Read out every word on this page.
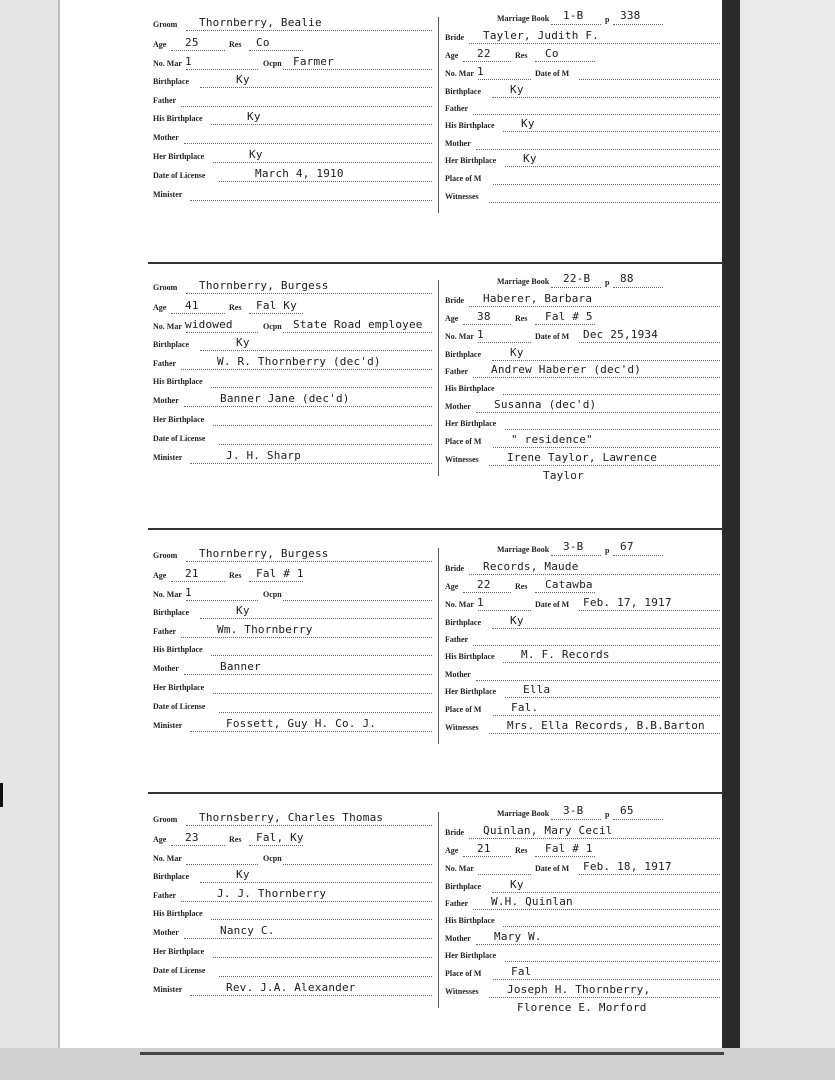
Groom Thornberry, Bealie
Age 25	Res Co
No. Mar 1	Ocpn Farmer
Birthplace	Ky
Father
His Birthplace	Ky
Mother
Her Birthplace	Ky
Date of License	March 4, 1910
Minister
Marriage Book 1-B	p 338
Bride Tayler, Judith F.
Age 22	Res Co
No. Mar 1	Date of M
Birthplace	Ky
Father
His Birthplace Ky
Mother
Her Birthplace Ky
Place of M
Witnesses
Groom Thornberry, Burgess
Age 41	Res Fal Ky
No. Mar widowed	Ocpn State Road employee
Birthplace	Ky
Father	W. R. Thornberry (dec'd)
His Birthplace
Mother	Banner Jane (dec'd)
Her Birthplace
Date of License
Minister	J. H. Sharp
Marriage Book 22-B p 88
Bride Haberer, Barbara
Age 38	Res Fal # 5
No. Mar 1	Date of M Dec 25,1934
Birthplace	Ky
Father Andrew Haberer (dec'd)
His Birthplace
Mother Susanna (dec'd)
Her Birthplace
Place of M	" residence"
Witnesses	Irene Taylor, Lawrence
Taylor
Groom Thornberry, Burgess
Age 21	Res Fal # 1
No. Mar 1	Ocpn
Birthplace	Ky
Father	Wm. Thornberry
His Birthplace
Mother	Banner
Her Birthplace
Date of License
Minister	Fossett, Guy H. Co. J.
Marriage Book 3-B	p 67
Bride Records, Maude
Age 22	Res Catawba
No. Mar 1	Date of M Feb. 17, 1917
Birthplace	Ky
Father
His Birthplace M. F. Records
Mother
Her Birthplace Ella
Place of M	Fal.
Witnesses	Mrs. Ella Records, B.B.Barton
Groom Thornsberry, Charles Thomas
Age 23	Res Fal, Ky
No. Mar	Ocpn
Birthplace	Ky
Father	J. J. Thornberry
His Birthplace
Mother	Nancy C.
Her Birthplace
Date of License
Minister	Rev. J.A. Alexander
Marriage Book 3-B	p 65
Bride Quinlan, Mary Cecil
Age 21	Res Fal # 1
No. Mar	Date of M Feb. 18, 1917
Birthplace	Ky
Father W.H. Quinlan
His Birthplace
Mother Mary W.
Her Birthplace
Place of M	Fal
Witnesses	Joseph H. Thornberry,
Florence E. Morford
